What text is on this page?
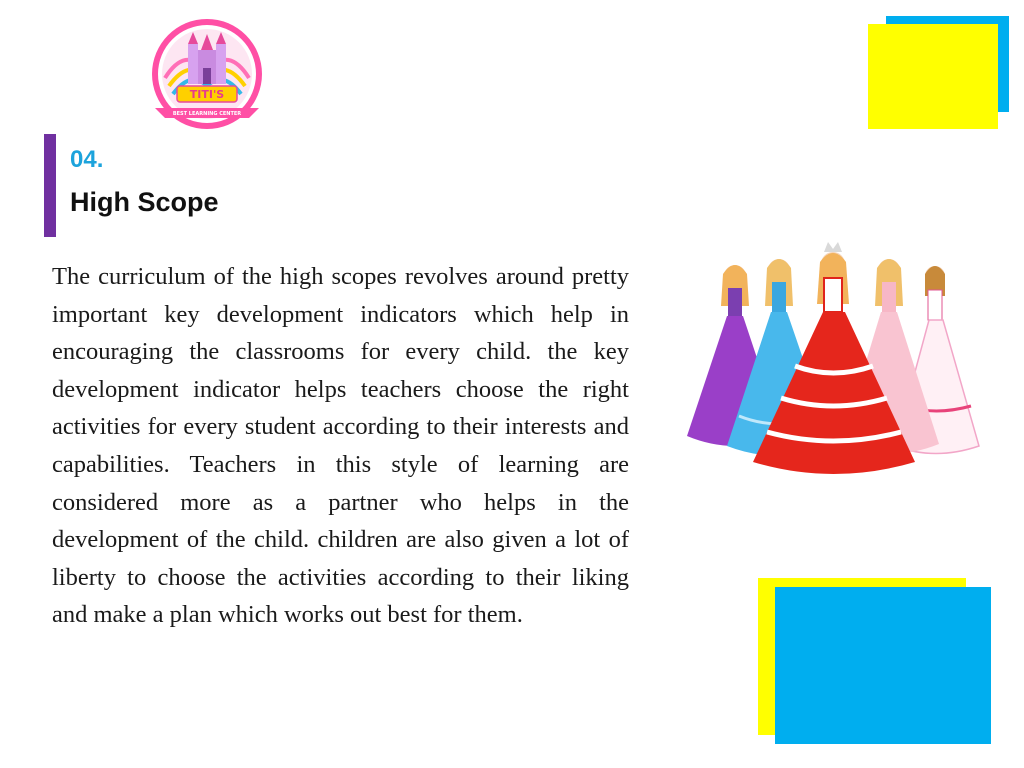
TITI'S
BEST LEARNING CENTER
04.
High Scope

The curriculum of the high scopes revolves around pretty important key development indicators which help in encouraging the classrooms for every child. the key development indicator helps teachers choose the right activities for every student according to their interests and capabilities. Teachers in this style of learning are considered more as a partner who helps in the development of the child. children are also given a lot of liberty to choose the activities according to their liking and make a plan which works out best for them.
